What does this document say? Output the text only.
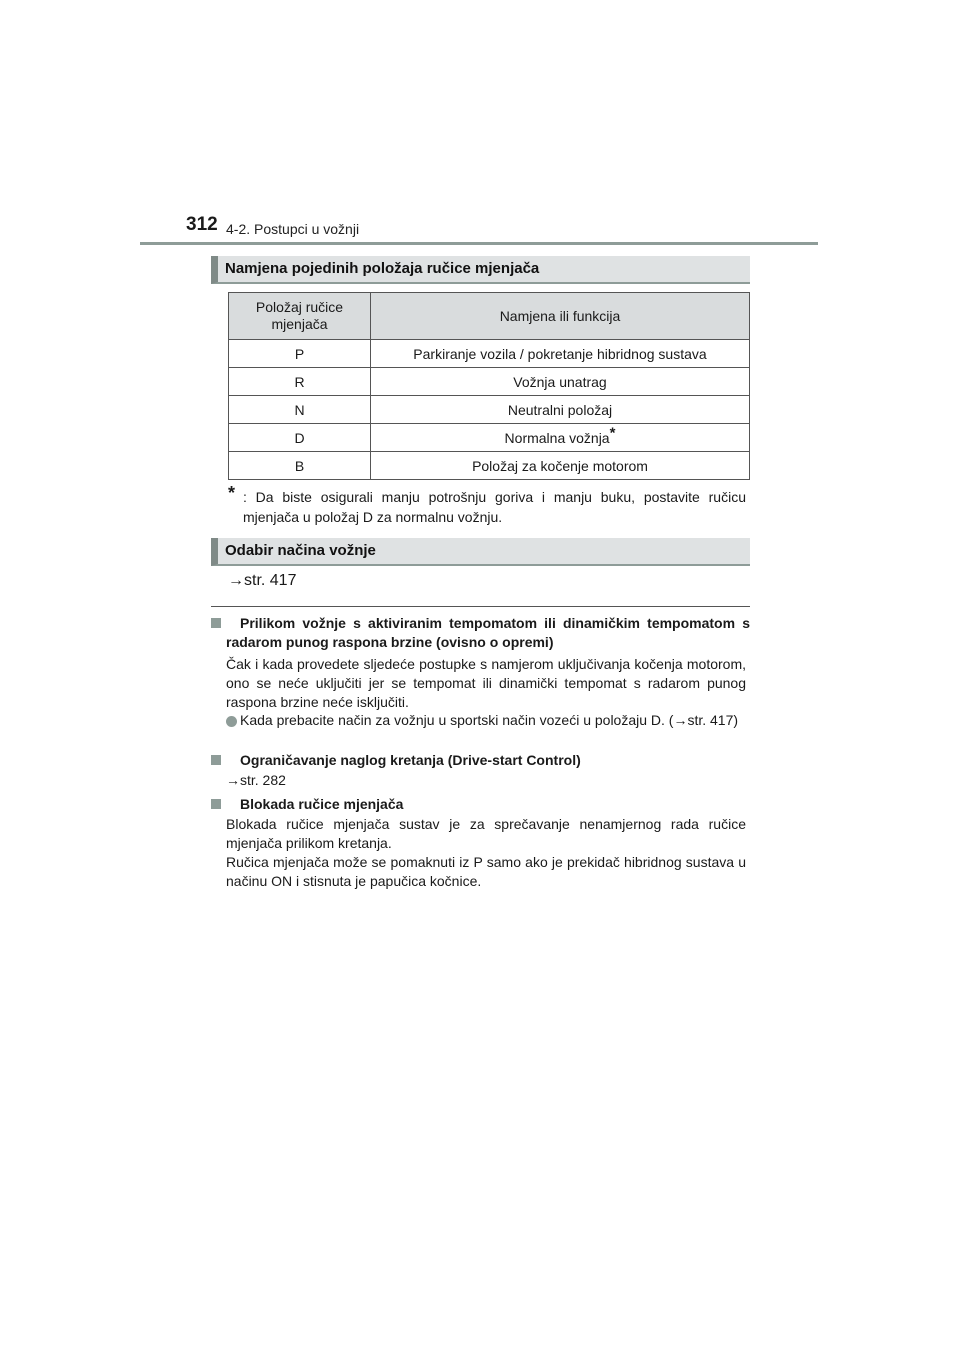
312 4-2. Postupci u vožnji
Namjena pojedinih položaja ručice mjenjača
Položaj ručice mjenjača	Namjena ili funkcija
P	Parkiranje vozila / pokretanje hibridnog sustava
R	Vožnja unatrag
N	Neutralni položaj
D	Normalna vožnja*
B	Položaj za kočenje motorom
* : Da biste osigurali manju potrošnju goriva i manju buku, postavite ručicu mjenjača u položaj D za normalnu vožnju.
Odabir načina vožnje
→str. 417
Prilikom vožnje s aktiviranim tempomatom ili dinamičkim tempomatom s radarom punog raspona brzine (ovisno o opremi)
Čak i kada provedete sljedeće postupke s namjerom uključivanja kočenja motorom, ono se neće uključiti jer se tempomat ili dinamički tempomat s radarom punog raspona brzine neće isključiti.
Kada prebacite način za vožnju u sportski način vozeći u položaju D. (→str. 417)
Ograničavanje naglog kretanja (Drive-start Control)
→str. 282
Blokada ručice mjenjača
Blokada ručice mjenjača sustav je za sprečavanje nenamjernog rada ručice mjenjača prilikom kretanja.
Ručica mjenjača može se pomaknuti iz P samo ako je prekidač hibridnog sustava u načinu ON i stisnuta je papučica kočnice.
